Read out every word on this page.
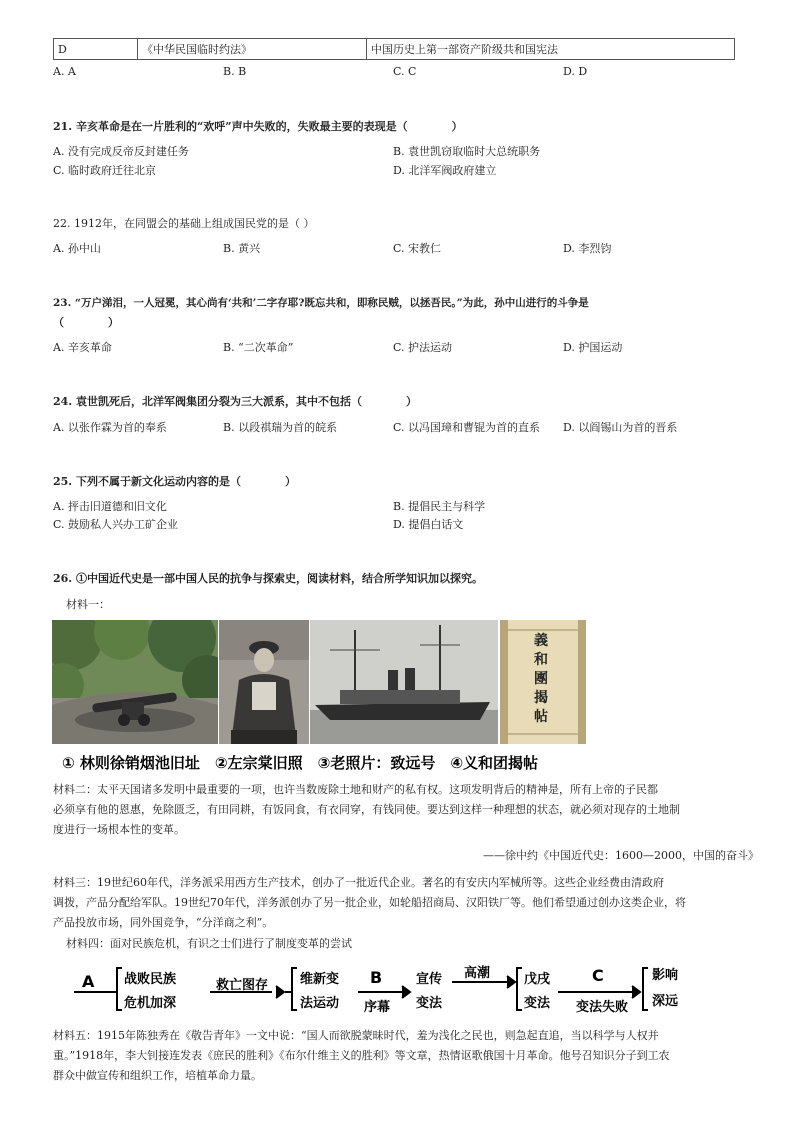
D	《中华民国临时约法》	中国历史上第一部资产阶级共和国宪法
A. A	B. B	C. C	D. D
21. 辛亥革命是在一片胜利的“欢呼”声中失败的，失败最主要的表现是（　　　　）
A. 没有完成反帝反封建任务	B. 袁世凯窃取临时大总统职务
C. 临时政府迁往北京	D. 北洋军阀政府建立
22. 1912年，在同盟会的基础上组成国民党的是（ ）
A. 孙中山	B. 黄兴	C. 宋教仁	D. 李烈钧
23. “万户涕泪，一人冠冕，其心尚有‘共和’二字存耶?既忘共和，即称民贼，以拯吾民。”为此，孙中山进行的斗争是
（　　　　）
A. 辛亥革命	B. “二次革命”	C. 护法运动	D. 护国运动
24. 袁世凯死后，北洋军阀集团分裂为三大派系，其中不包括（　　　　）
A. 以张作霖为首的奉系	B. 以段祺瑞为首的皖系	C. 以冯国璋和曹锟为首的直系 D. 以阎锡山为首的晋系
25. 下列不属于新文化运动内容的是（　　　　）
A. 抨击旧道德和旧文化	B. 提倡民主与科学
C. 鼓励私人兴办工矿企业	D. 提倡白话文
26. ①中国近代史是一部中国人民的抗争与探索史，阅读材料，结合所学知识加以探究。
材料一：
義和團揭帖
① 林则徐销烟池旧址　②左宗棠旧照　③老照片：致远号　④义和团揭帖
材料二：太平天国诸多发明中最重要的一项，也许当数废除土地和财产的私有权。这项发明背后的精神是，所有上帝的子民都
必须享有他的恩惠，免除匮乏，有田同耕，有饭同食，有衣同穿，有钱同使。要达到这样一种理想的状态，就必须对现存的土地制
度进行一场根本性的变革。
——徐中约《中国近代史：1600—2000，中国的奋斗》
材料三：19世纪60年代，洋务派采用西方生产技术，创办了一批近代企业。著名的有安庆内军械所等。这些企业经费由清政府
调拨，产品分配给军队。19世纪70年代，洋务派创办了另一批企业，如轮船招商局、汉阳铁厂等。他们希望通过创办这类企业，将
产品投放市场，同外国竞争，“分洋商之利”。
材料四：面对民族危机，有识之士们进行了制度变革的尝试
A 战败民族
危机加深
救亡图存 维新变
法运动
B
序幕
宣传
变法
高潮	戊戌
变法
C
变法失败
影响
深远
材料五：1915年陈独秀在《敬告青年》一文中说：“国人而欲脱蒙昧时代，羞为浅化之民也，则急起直追，当以科学与人权并
重。”1918年，李大钊接连发表《庶民的胜利》《布尔什维主义的胜利》等文章，热情讴歌俄国十月革命。他号召知识分子到工农
群众中做宣传和组织工作，培植革命力量。
